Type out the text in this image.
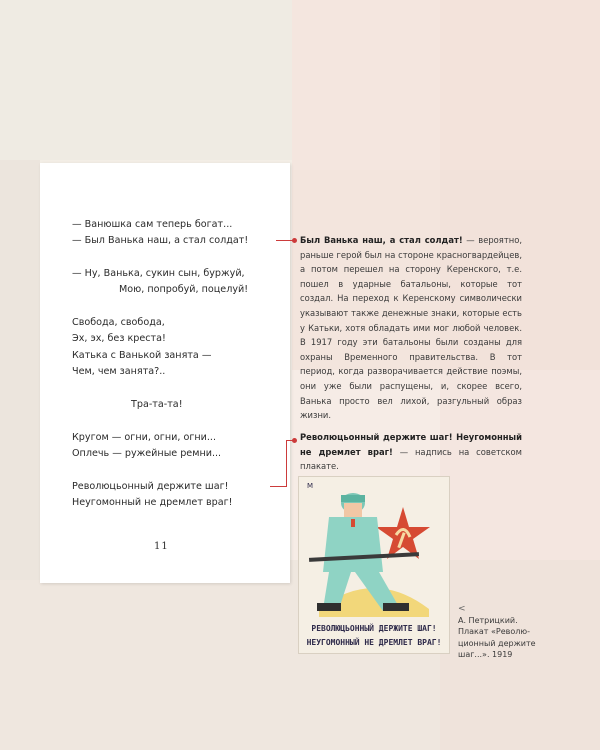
— Ванюшка сам теперь богат...
— Был Ванька наш, а стал солдат!
— Ну, Ванька, сукин сын, буржуй,
Мою, попробуй, поцелуй!
Свобода, свобода,
Эх, эх, без креста!
Катька с Ванькой занята —
Чем, чем занята?..
Тра-та-та!
Кругом — огни, огни, огни...
Оплечь — ружейные ремни...
Революцьонный держите шаг!
Неугомонный не дремлет враг!
11
Был Ванька наш, а стал солдат! — вероятно, раньше герой был на стороне красногвардейцев, а потом перешел на сторону Керенского, т.е. пошел в ударные батальоны, которые тот создал. На переход к Керенскому символически указывают также денежные знаки, которые есть у Катьки, хотя обладать ими мог любой человек. В 1917 году эти батальоны были созданы для охраны Временного правительства. В тот период, когда разворачивается действие поэмы, они уже были распущены, и, скорее всего, Ванька просто вел лихой, разгульный образ жизни.
Революцьонный держите шаг! Неугомонный не дремлет враг! — надпись на советском плакате.
РЕВОЛЮЦЬОННЫЙ ДЕРЖИТЕ ШАГ!
НЕУГОМОННЫЙ НЕ ДРЕМЛЕТ ВРАГ!
M
<
А. Петрицкий.
Плакат «Револю-
ционный держите
шаг...». 1919
